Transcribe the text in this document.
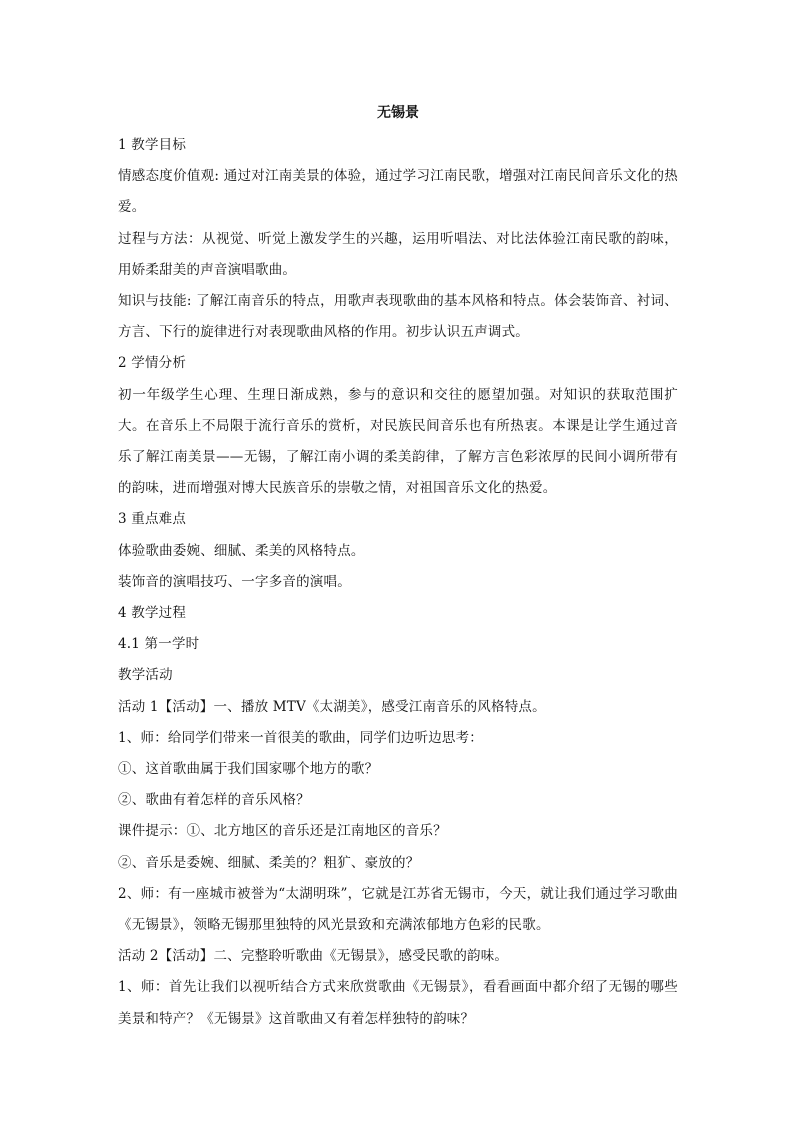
无锡景

1 教学目标

情感态度价值观: 通过对江南美景的体验，通过学习江南民歌，增强对江南民间音乐文化的热爱。

过程与方法：从视觉、听觉上激发学生的兴趣，运用听唱法、对比法体验江南民歌的韵味，用娇柔甜美的声音演唱歌曲。

知识与技能: 了解江南音乐的特点，用歌声表现歌曲的基本风格和特点。体会装饰音、衬词、方言、下行的旋律进行对表现歌曲风格的作用。初步认识五声调式。

2 学情分析

初一年级学生心理、生理日渐成熟，参与的意识和交往的愿望加强。对知识的获取范围扩大。在音乐上不局限于流行音乐的赏析，对民族民间音乐也有所热衷。本课是让学生通过音乐了解江南美景——无锡，了解江南小调的柔美韵律，了解方言色彩浓厚的民间小调所带有的韵味，进而增强对博大民族音乐的崇敬之情，对祖国音乐文化的热爱。

3 重点难点

体验歌曲委婉、细腻、柔美的风格特点。

装饰音的演唱技巧、一字多音的演唱。

4 教学过程

4.1 第一学时

教学活动

活动 1【活动】一、播放 MTV《太湖美》，感受江南音乐的风格特点。

1、师：给同学们带来一首很美的歌曲，同学们边听边思考：

①、这首歌曲属于我们国家哪个地方的歌？

②、歌曲有着怎样的音乐风格？

课件提示：①、北方地区的音乐还是江南地区的音乐？

②、音乐是委婉、细腻、柔美的？粗犷、豪放的？

2、师：有一座城市被誉为“太湖明珠”，它就是江苏省无锡市，今天，就让我们通过学习歌曲《无锡景》，领略无锡那里独特的风光景致和充满浓郁地方色彩的民歌。

活动 2【活动】二、完整聆听歌曲《无锡景》，感受民歌的韵味。

1、师：首先让我们以视听结合方式来欣赏歌曲《无锡景》，看看画面中都介绍了无锡的哪些美景和特产？《无锡景》这首歌曲又有着怎样独特的韵味？
